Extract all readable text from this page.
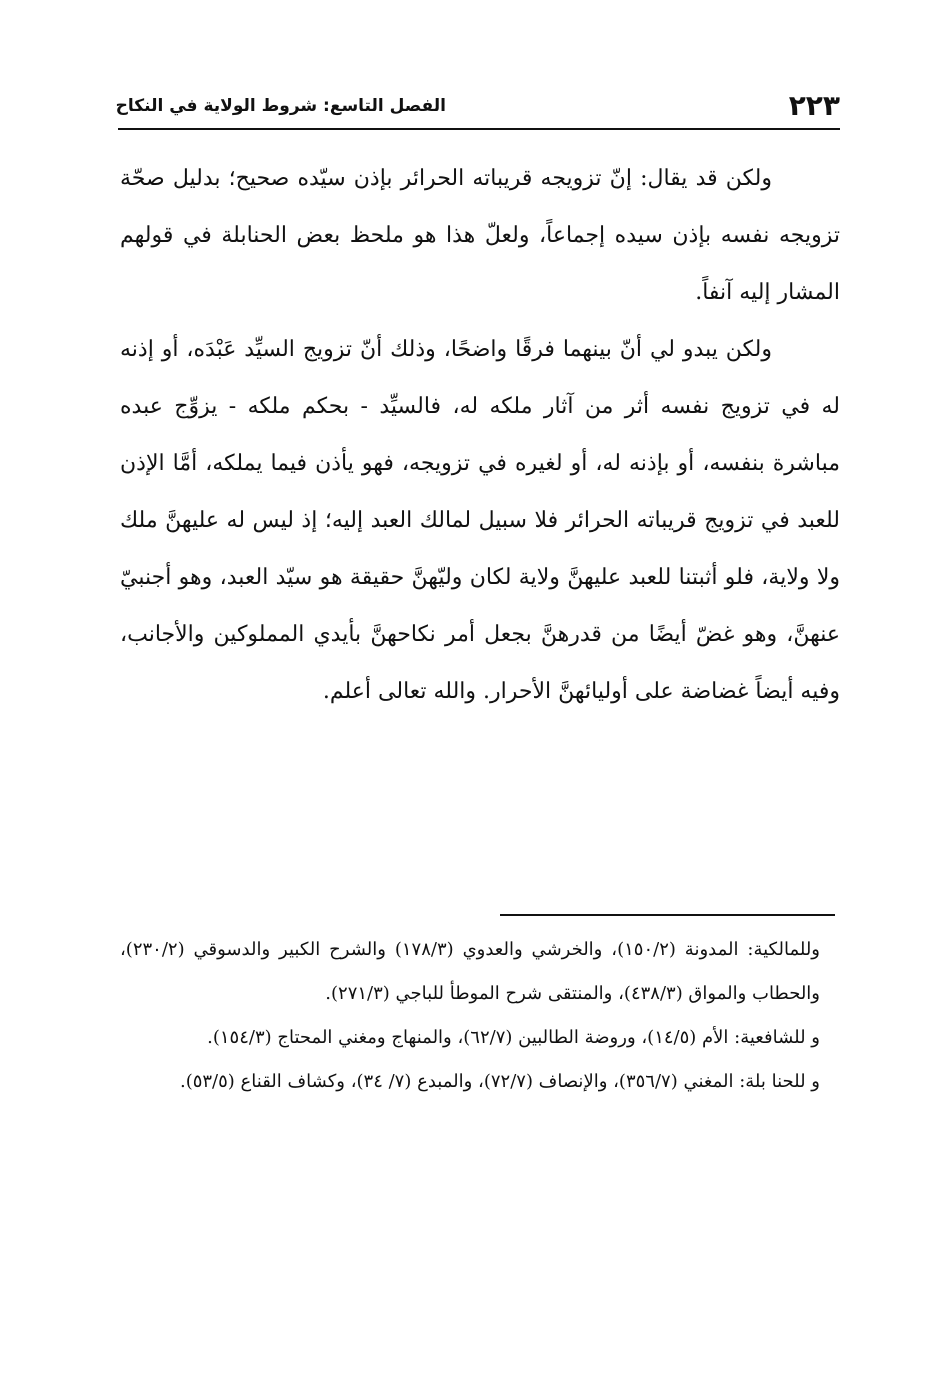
٢٢٣
الفصل التاسع: شروط الولاية في النكاح

ولكن قد يقال: إنّ تزويجه قريباته الحرائر بإذن سيّده صحيح؛ بدليل صحّة تزويجه نفسه بإذن سيده إجماعاً، ولعلّ هذا هو ملحظ بعض الحنابلة في قولهم المشار إليه آنفاً.

ولكن يبدو لي أنّ بينهما فرقًا واضحًا، وذلك أنّ تزويج السيِّد عَبْدَه، أو إذنه له في تزويج نفسه أثر من آثار ملكه له، فالسيِّد - بحكم ملكه - يزوِّج عبده مباشرة بنفسه، أو بإذنه له، أو لغيره في تزويجه، فهو يأذن فيما يملكه، أمَّا الإذن للعبد في تزويج قريباته الحرائر فلا سبيل لمالك العبد إليه؛ إذ ليس له عليهنَّ ملك ولا ولاية، فلو أثبتنا للعبد عليهنَّ ولاية لكان وليّهنَّ حقيقة هو سيّد العبد، وهو أجنبيّ عنهنَّ، وهو غضّ أيضًا من قدرهنَّ بجعل أمر نكاحهنَّ بأيدي المملوكين والأجانب، وفيه أيضاً غضاضة على أوليائهنَّ الأحرار. والله تعالى أعلم.

وللمالكية: المدونة (١٥٠/٢)، والخرشي والعدوي (١٧٨/٣) والشرح الكبير والدسوقي (٢٣٠/٢)، والحطاب والمواق (٤٣٨/٣)، والمنتقى شرح الموطأ للباجي (٢٧١/٣).

و للشافعية: الأم (١٤/٥)، وروضة الطالبين (٦٢/٧)، والمنهاج ومغني المحتاج (١٥٤/٣).

و للحنا بلة: المغني (٣٥٦/٧)، والإنصاف (٧٢/٧)، والمبدع (٧/ ٣٤)، وكشاف القناع (٥٣/٥).
